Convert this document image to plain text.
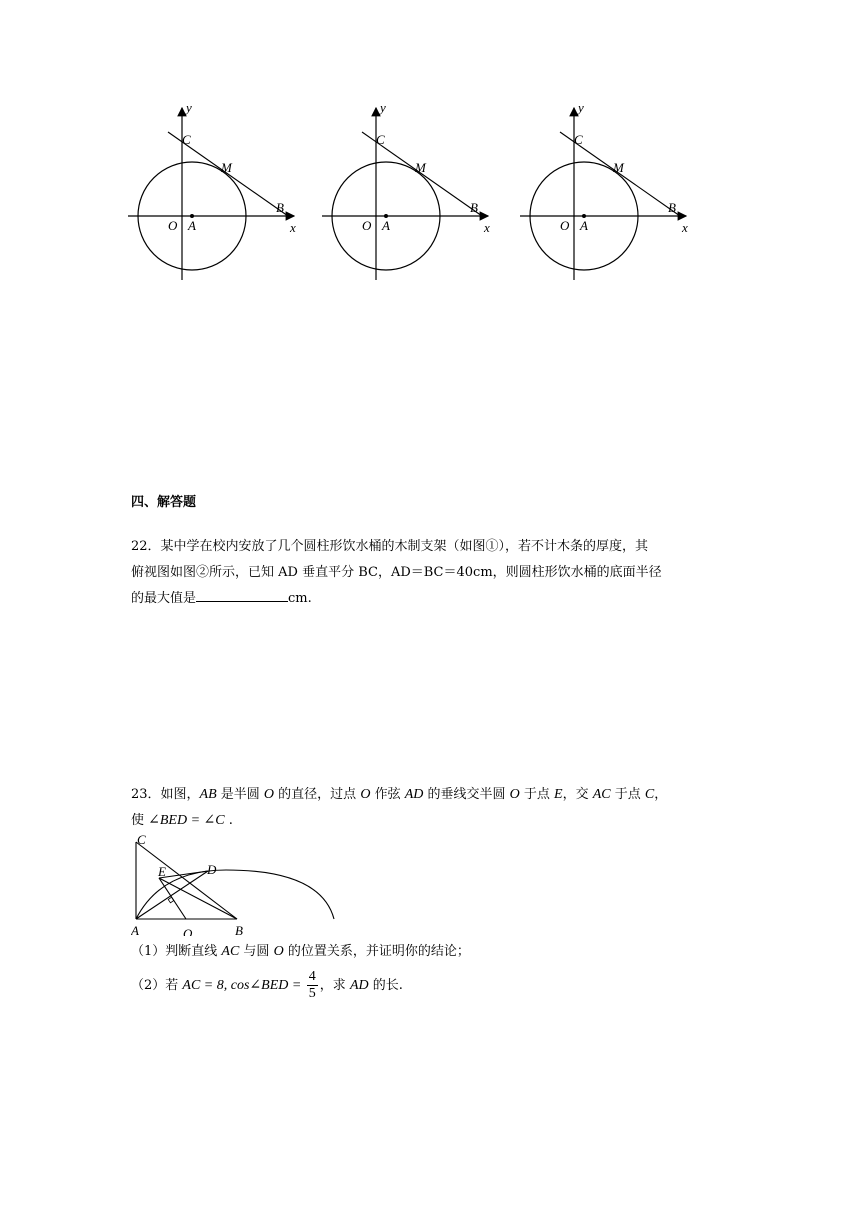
y
x
C
M
B
O A
y
x
C
M
B
O A
y
x
C
M
B
O A
四、解答题
22．某中学在校内安放了几个圆柱形饮水桶的木制支架（如图①），若不计木条的厚度，其
俯视图如图②所示，已知 AD 垂直平分 BC，AD＝BC＝40cm，则圆柱形饮水桶的底面半径
的最大值是	cm.
23．如图，AB 是半圆 O 的直径，过点 O 作弦 AD 的垂线交半圆 O 于点 E，交 AC 于点 C，
使 ∠BED = ∠C .
C
E	D
A	O	B
（1）判断直线 AC 与圆 O 的位置关系，并证明你的结论；
（2）若 AC = 8, cos∠BED = $\frac{4}{5}$ ，求 AD 的长.
